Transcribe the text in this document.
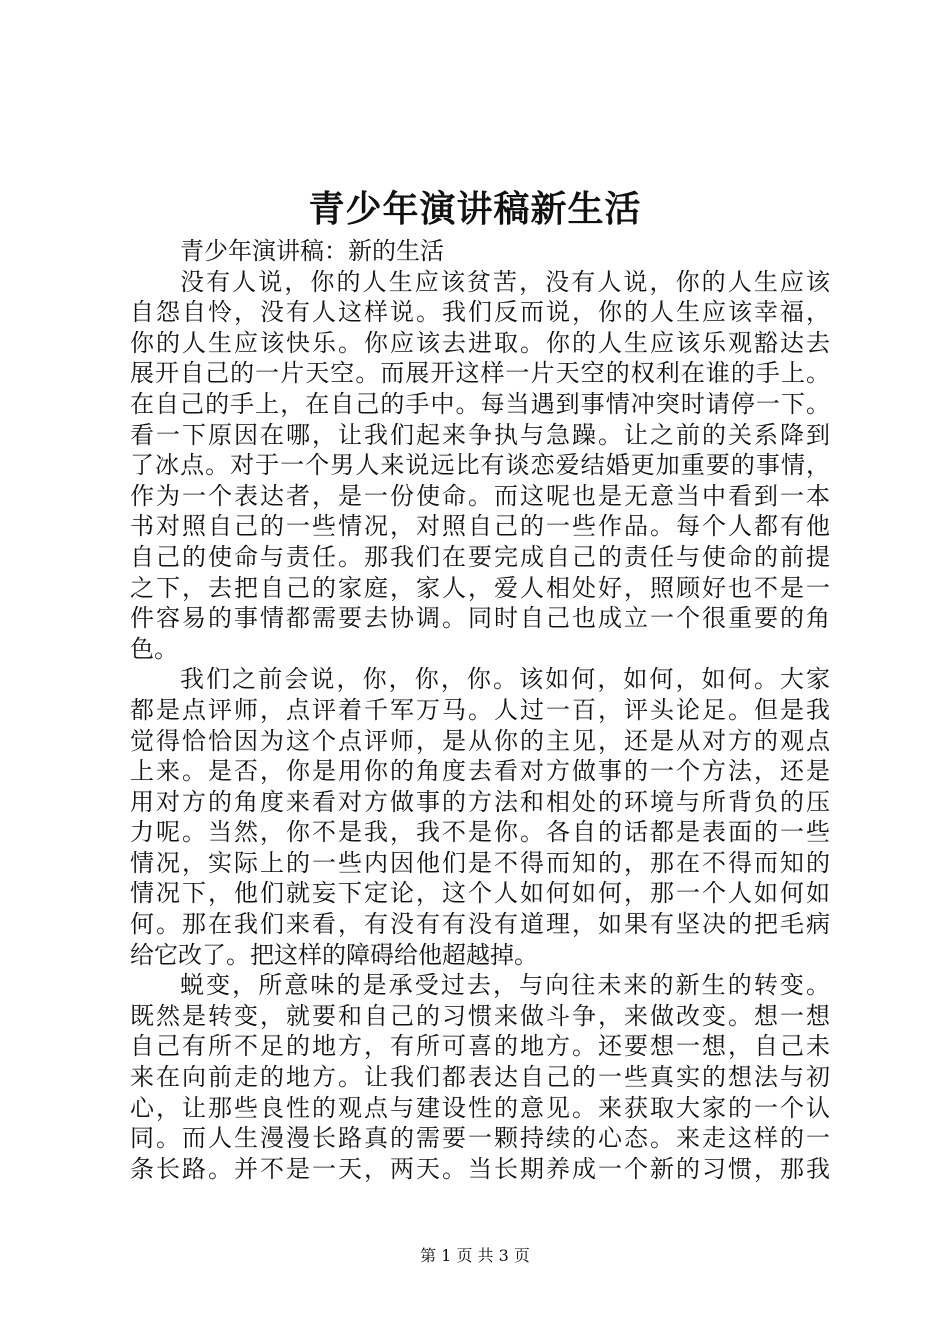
青少年演讲稿新生活
青少年演讲稿：新的生活
没有人说，你的人生应该贫苦，没有人说，你的人生应该
自怨自怜，没有人这样说。我们反而说，你的人生应该幸福，
你的人生应该快乐。你应该去进取。你的人生应该乐观豁达去
展开自己的一片天空。而展开这样一片天空的权利在谁的手上。
在自己的手上，在自己的手中。每当遇到事情冲突时请停一下。
看一下原因在哪，让我们起来争执与急躁。让之前的关系降到
了冰点。对于一个男人来说远比有谈恋爱结婚更加重要的事情，
作为一个表达者，是一份使命。而这呢也是无意当中看到一本
书对照自己的一些情况，对照自己的一些作品。每个人都有他
自己的使命与责任。那我们在要完成自己的责任与使命的前提
之下，去把自己的家庭，家人，爱人相处好，照顾好也不是一
件容易的事情都需要去协调。同时自己也成立一个很重要的角
色。
我们之前会说，你，你，你。该如何，如何，如何。大家
都是点评师，点评着千军万马。人过一百，评头论足。但是我
觉得恰恰因为这个点评师，是从你的主见，还是从对方的观点
上来。是否，你是用你的角度去看对方做事的一个方法，还是
用对方的角度来看对方做事的方法和相处的环境与所背负的压
力呢。当然，你不是我，我不是你。各自的话都是表面的一些
情况，实际上的一些内因他们是不得而知的，那在不得而知的
情况下，他们就妄下定论，这个人如何如何，那一个人如何如
何。那在我们来看，有没有有没有道理，如果有坚决的把毛病
给它改了。把这样的障碍给他超越掉。
蜕变，所意味的是承受过去，与向往未来的新生的转变。
既然是转变，就要和自己的习惯来做斗争，来做改变。想一想
自己有所不足的地方，有所可喜的地方。还要想一想，自己未
来在向前走的地方。让我们都表达自己的一些真实的想法与初
心，让那些良性的观点与建设性的意见。来获取大家的一个认
同。而人生漫漫长路真的需要一颗持续的心态。来走这样的一
条长路。并不是一天，两天。当长期养成一个新的习惯，那我
第 1 页 共 3 页
